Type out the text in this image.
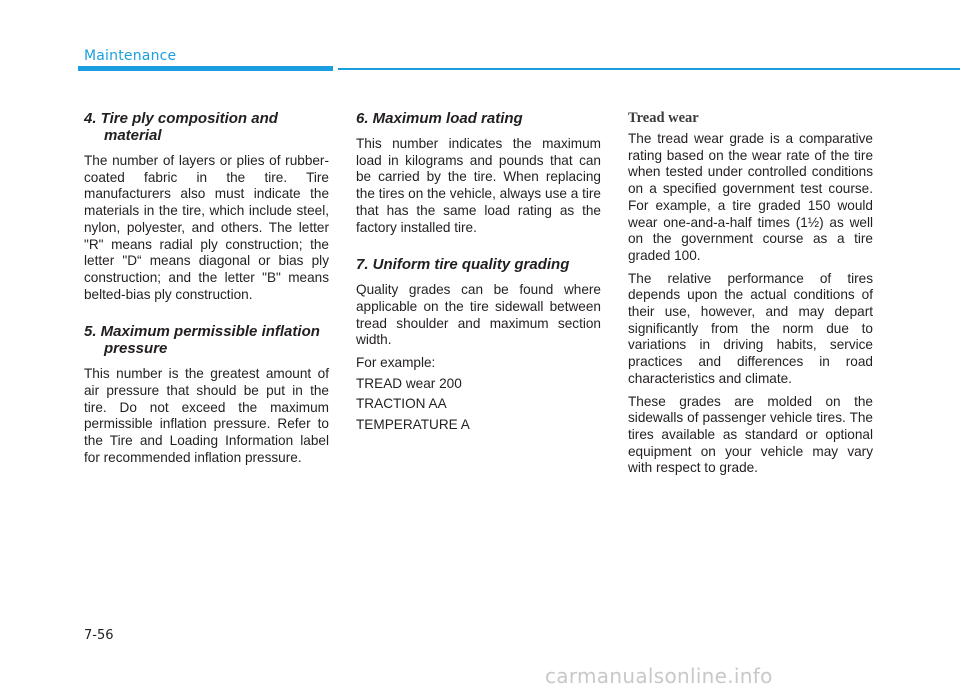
Maintenance
4. Tire ply composition and material

The number of layers or plies of rubber-coated fabric in the tire. Tire manufacturers also must indicate the materials in the tire, which include steel, nylon, polyester, and others. The letter "R" means radial ply construction; the letter "D“ means diagonal or bias ply construction; and the letter "B" means belted-bias ply construction.

5. Maximum permissible inflation pressure

This number is the greatest amount of air pressure that should be put in the tire. Do not exceed the maximum permissible inflation pressure. Refer to the Tire and Loading Information label for recommended inflation pressure.

6. Maximum load rating

This number indicates the maximum load in kilograms and pounds that can be carried by the tire. When replacing the tires on the vehicle, always use a tire that has the same load rating as the factory installed tire.

7. Uniform tire quality grading

Quality grades can be found where applicable on the tire sidewall between tread shoulder and maximum section width.

For example:

TREAD wear 200

TRACTION AA

TEMPERATURE A

Tread wear

The tread wear grade is a comparative rating based on the wear rate of the tire when tested under controlled conditions on a specified government test course. For example, a tire graded 150 would wear one-and-a-half times (1½) as well on the government course as a tire graded 100.

The relative performance of tires depends upon the actual conditions of their use, however, and may depart significantly from the norm due to variations in driving habits, service practices and differences in road characteristics and climate.

These grades are molded on the sidewalls of passenger vehicle tires. The tires available as standard or optional equipment on your vehicle may vary with respect to grade.

7-56
carmanualsonline.info
